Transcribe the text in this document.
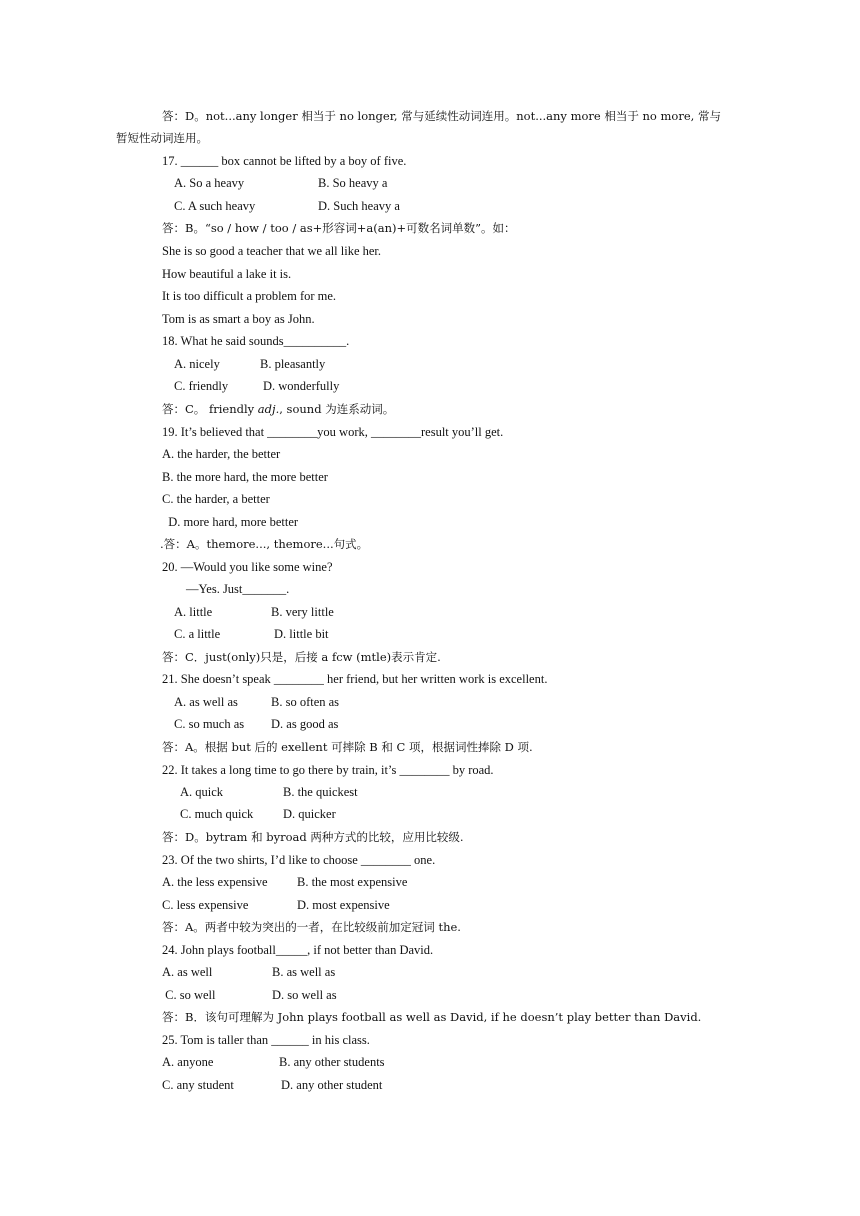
答：D。not...any longer 相当于 no longer, 常与延续性动词连用。not...any more 相当于 no more, 常与
暂短性动词连用。
17. ______ box cannot be lifted by a boy of five.
A. So a heavy	B. So heavy a
C. A such heavy	D. Such heavy a
答：B。“so / how / too / as+形容词+a(an)+可数名词单数”。如：
She is so good a teacher that we all like her.
How beautiful a lake it is.
It is too difficult a problem for me.
Tom is as smart a boy as John.
18. What he said sounds__________.
A. nicely	B. pleasantly
C. friendly	D. wonderfully
答：C。 friendly adj., sound 为连系动词。
19. It’s believed that ________you work, ________result you’ll get.
A. the harder, the better
B. the more hard, the more better
C. the harder, a better
D. more hard, more better
.答：A。themore..., themore...句式。
20. —Would you like some wine?
—Yes. Just_______.
A. little	B. very little
C. a little	D. little bit
答：C．just(only)只是，后接 a fcw (mtle)表示肯定.
21. She doesn’t speak ________ her friend, but her written work is excellent.
A. as well as	B. so often as
C. so much as D. as good as
答：A。根据 but 后的 exellent 可摔除 B 和 C 项，根据词性捧除 D 项.
22. It takes a long time to go there by train, it’s ________ by road.
A. quick	B. the quickest
C. much quick D. quicker
答：D。bytram 和 byroad 两种方式的比较，应用比较级.
23. Of the two shirts, I’d like to choose ________ one.
A. the less expensive B. the most expensive
C. less expensive	D. most expensive
答：A。两者中较为突出的一者，在比较级前加定冠词 the.
24. John plays football_____, if not better than David.
A. as well	B. as well as
C. so well	D. so well as
答：B．该句可理解为 John plays football as well as David, if he doesn’t play better than David.
25. Tom is taller than ______ in his class.
A. anyone	B. any other students
C. any student	D. any other student
